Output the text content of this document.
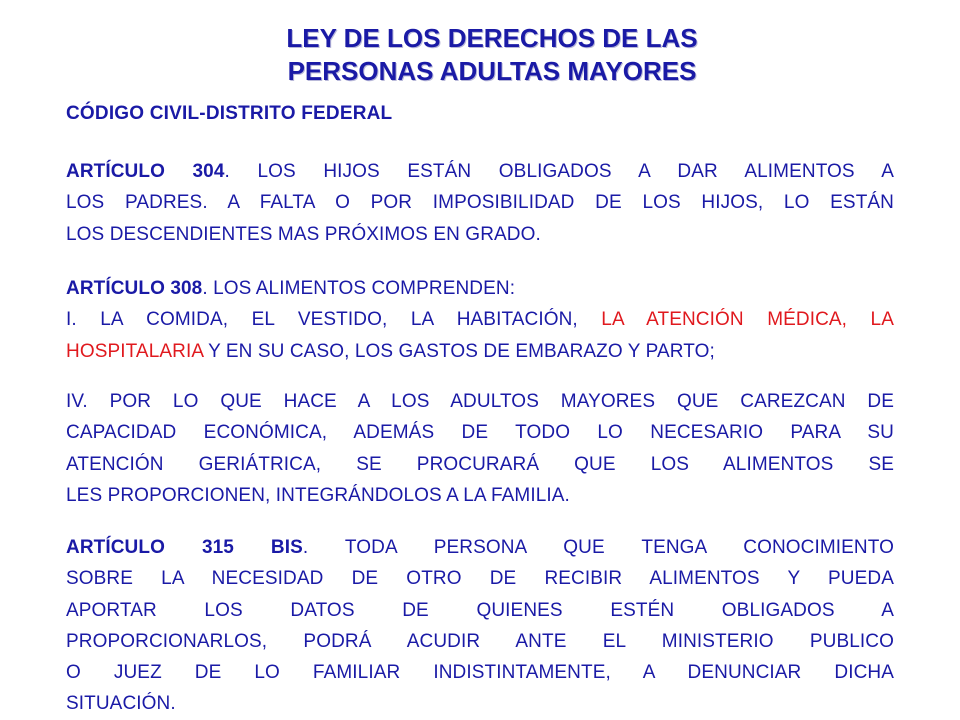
LEY DE LOS DERECHOS DE LAS
PERSONAS ADULTAS MAYORES
CÓDIGO CIVIL-DISTRITO FEDERAL
ARTÍCULO 304. LOS HIJOS ESTÁN OBLIGADOS A DAR ALIMENTOS A
LOS PADRES. A FALTA O POR IMPOSIBILIDAD DE LOS HIJOS, LO ESTÁN
LOS DESCENDIENTES MAS PRÓXIMOS EN GRADO.
ARTÍCULO 308. LOS ALIMENTOS COMPRENDEN:
I. LA COMIDA, EL VESTIDO, LA HABITACIÓN, LA ATENCIÓN MÉDICA, LA
HOSPITALARIA Y EN SU CASO, LOS GASTOS DE EMBARAZO Y PARTO;
IV. POR LO QUE HACE A LOS ADULTOS MAYORES QUE CAREZCAN DE
CAPACIDAD ECONÓMICA, ADEMÁS DE TODO LO NECESARIO PARA SU
ATENCIÓN GERIÁTRICA, SE PROCURARÁ QUE LOS ALIMENTOS SE
LES PROPORCIONEN, INTEGRÁNDOLOS A LA FAMILIA.
ARTÍCULO 315 BIS. TODA PERSONA QUE TENGA CONOCIMIENTO
SOBRE LA NECESIDAD DE OTRO DE RECIBIR ALIMENTOS Y PUEDA
APORTAR LOS DATOS DE QUIENES ESTÉN OBLIGADOS A
PROPORCIONARLOS, PODRÁ ACUDIR ANTE EL MINISTERIO PUBLICO
O JUEZ DE LO FAMILIAR INDISTINTAMENTE, A DENUNCIAR DICHA
SITUACIÓN.
